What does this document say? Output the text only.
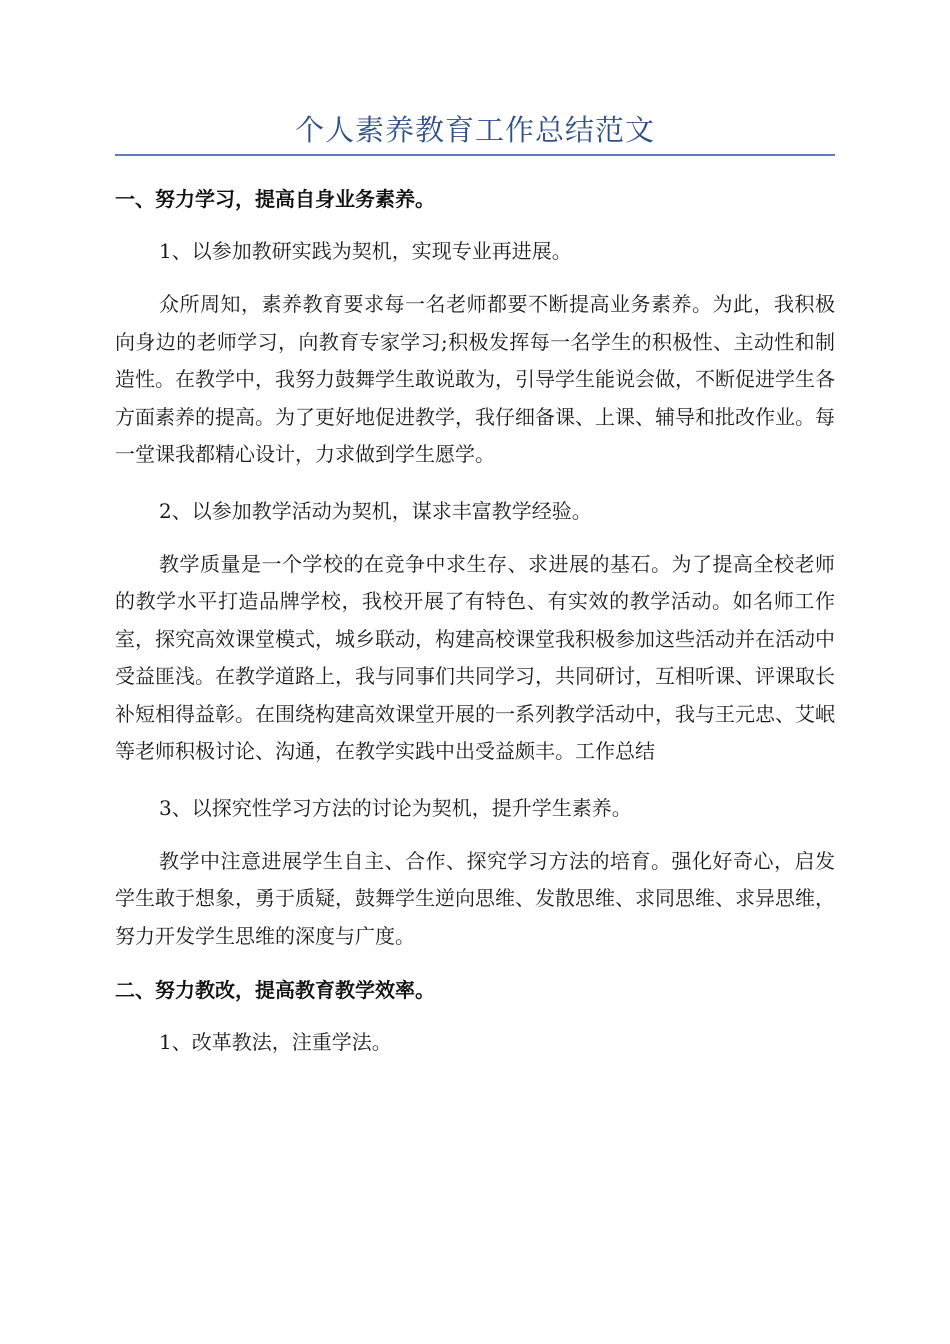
个人素养教育工作总结范文
一、努力学习，提高自身业务素养。

1、以参加教研实践为契机，实现专业再进展。

众所周知，素养教育要求每一名老师都要不断提高业务素养。为此，我积极向身边的老师学习，向教育专家学习;积极发挥每一名学生的积极性、主动性和制造性。在教学中，我努力鼓舞学生敢说敢为，引导学生能说会做，不断促进学生各方面素养的提高。为了更好地促进教学，我仔细备课、上课、辅导和批改作业。每一堂课我都精心设计，力求做到学生愿学。

2、以参加教学活动为契机，谋求丰富教学经验。

教学质量是一个学校的在竞争中求生存、求进展的基石。为了提高全校老师的教学水平打造品牌学校，我校开展了有特色、有实效的教学活动。如名师工作室，探究高效课堂模式，城乡联动，构建高校课堂我积极参加这些活动并在活动中受益匪浅。在教学道路上，我与同事们共同学习，共同研讨，互相听课、评课取长补短相得益彰。在围绕构建高效课堂开展的一系列教学活动中，我与王元忠、艾岷等老师积极讨论、沟通，在教学实践中出受益颇丰。工作总结

3、以探究性学习方法的讨论为契机，提升学生素养。

教学中注意进展学生自主、合作、探究学习方法的培育。强化好奇心，启发学生敢于想象，勇于质疑，鼓舞学生逆向思维、发散思维、求同思维、求异思维，努力开发学生思维的深度与广度。

二、努力教改，提高教育教学效率。

1、改革教法，注重学法。
